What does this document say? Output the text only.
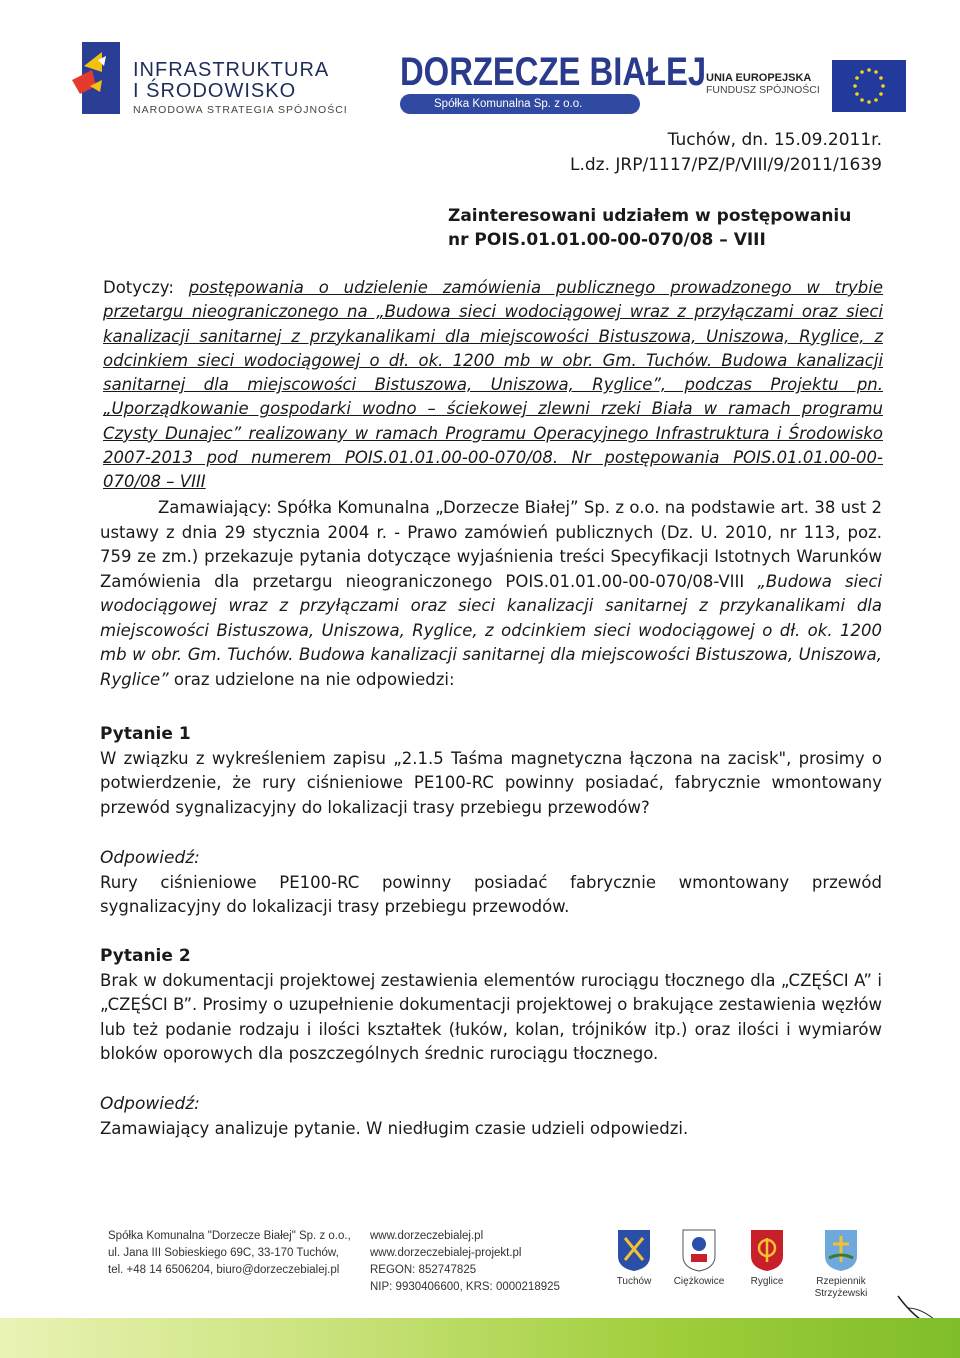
INFRASTRUKTURA
I ŚRODOWISKO
NARODOWA STRATEGIA SPÓJNOŚCI
DORZECZE BIAŁEJ
Spółka Komunalna Sp. z o.o.
UNIA EUROPEJSKA
FUNDUSZ SPÓJNOŚCI
Tuchów, dn. 15.09.2011r.
L.dz. JRP/1117/PZ/P/VIII/9/2011/1639
Zainteresowani udziałem w postępowaniu
nr POIS.01.01.00-00-070/08 – VIII
Dotyczy: postępowania o udzielenie zamówienia publicznego prowadzonego w trybie przetargu nieograniczonego na „Budowa sieci wodociągowej wraz z przyłączami oraz sieci kanalizacji sanitarnej z przykanalikami dla miejscowości Bistuszowa, Uniszowa, Ryglice, z odcinkiem sieci wodociągowej o dł. ok. 1200 mb w obr. Gm. Tuchów. Budowa kanalizacji sanitarnej dla miejscowości Bistuszowa, Uniszowa, Ryglice”, podczas Projektu pn. „Uporządkowanie gospodarki wodno – ściekowej zlewni rzeki Biała w ramach programu Czysty Dunajec” realizowany w ramach Programu Operacyjnego Infrastruktura i Środowisko 2007-2013 pod numerem POIS.01.01.00-00-070/08. Nr postępowania POIS.01.01.00-00-070/08 – VIII
Zamawiający: Spółka Komunalna „Dorzecze Białej” Sp. z o.o. na podstawie art. 38 ust 2 ustawy z dnia 29 stycznia 2004 r. - Prawo zamówień publicznych (Dz. U. 2010, nr 113, poz. 759 ze zm.) przekazuje pytania dotyczące wyjaśnienia treści Specyfikacji Istotnych Warunków Zamówienia dla przetargu nieograniczonego POIS.01.01.00-00-070/08-VIII „Budowa sieci wodociągowej wraz z przyłączami oraz sieci kanalizacji sanitarnej z przykanalikami dla miejscowości Bistuszowa, Uniszowa, Ryglice, z odcinkiem sieci wodociągowej o dł. ok. 1200 mb w obr. Gm. Tuchów. Budowa kanalizacji sanitarnej dla miejscowości Bistuszowa, Uniszowa, Ryglice” oraz udzielone na nie odpowiedzi:
Pytanie 1
W związku z wykreśleniem zapisu „2.1.5 Taśma magnetyczna łączona na zacisk", prosimy o potwierdzenie, że rury ciśnieniowe PE100-RC powinny posiadać, fabrycznie wmontowany przewód sygnalizacyjny do lokalizacji trasy przebiegu przewodów?
Odpowiedź:
Rury ciśnieniowe PE100-RC powinny posiadać fabrycznie wmontowany przewód sygnalizacyjny do lokalizacji trasy przebiegu przewodów.
Pytanie 2
Brak w dokumentacji projektowej zestawienia elementów rurociągu tłocznego dla „CZĘŚCI A” i „CZĘŚCI B”. Prosimy o uzupełnienie dokumentacji projektowej o brakujące zestawienia węzłów lub też podanie rodzaju i ilości kształtek (łuków, kolan, trójników itp.) oraz ilości i wymiarów bloków oporowych dla poszczególnych średnic rurociągu tłocznego.
Odpowiedź:
Zamawiający analizuje pytanie. W niedługim czasie udzieli odpowiedzi.
Spółka Komunalna "Dorzecze Białej" Sp. z o.o.,
ul. Jana III Sobieskiego 69C, 33-170 Tuchów,
tel. +48 14 6506204, biuro@dorzeczebialej.pl
www.dorzeczebialej.pl
www.dorzeczebialej-projekt.pl
REGON: 852747825
NIP: 9930406600, KRS: 0000218925	Tuchów	Ciężkowice	Ryglice	Rzepiennik Strzyżewski
